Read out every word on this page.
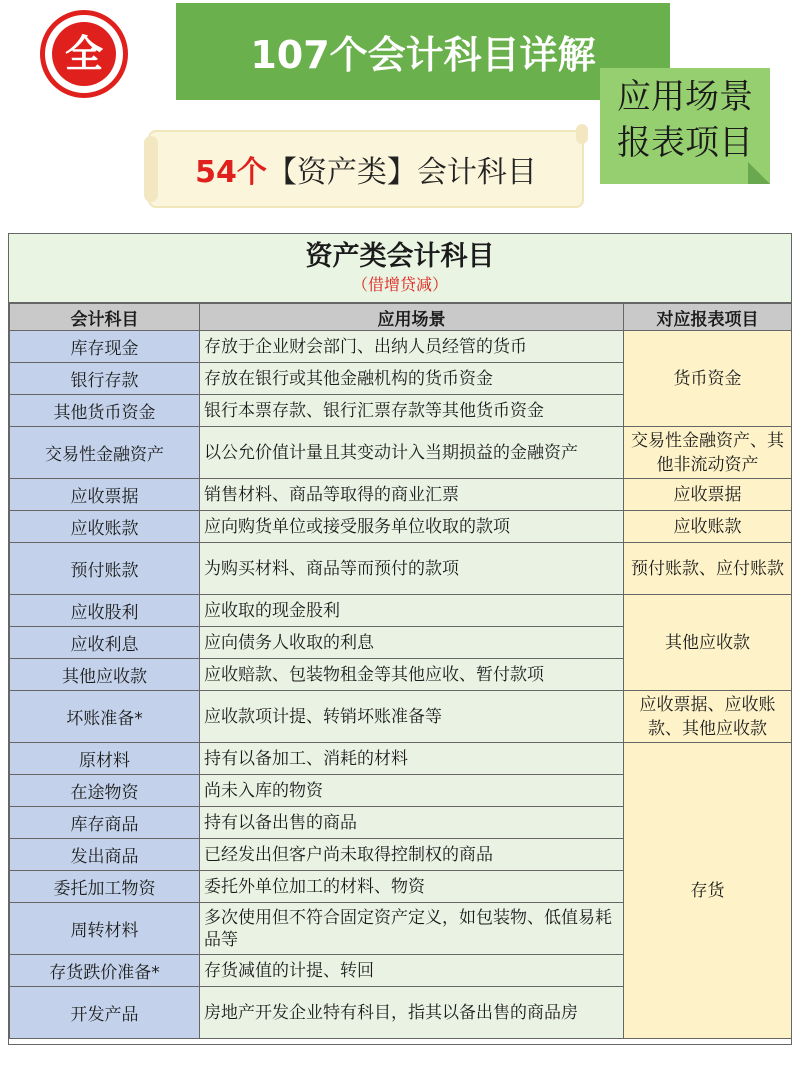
全	107个会计科目详解
54个 【资产类】会计科目
应用场景
报表项目
资产类会计科目
（借增贷减）
会计科目	应用场景	对应报表项目
库存现金	存放于企业财会部门、出纳人员经管的货币	货币资金
银行存款	存放在银行或其他金融机构的货币资金	
其他货币资金	银行本票存款、银行汇票存款等其他货币资金	
交易性金融资产	以公允价值计量且其变动计入当期损益的金融资产	交易性金融资产、其他非流动资产
应收票据	销售材料、商品等取得的商业汇票	应收票据
应收账款	应向购货单位或接受服务单位收取的款项	应收账款
预付账款	为购买材料、商品等而预付的款项	预付账款、应付账款
应收股利	应收取的现金股利	其他应收款
应收利息	应向债务人收取的利息	
其他应收款	应收赔款、包装物租金等其他应收、暂付款项	
坏账准备*	应收款项计提、转销坏账准备等	应收票据、应收账款、其他应收款
原材料	持有以备加工、消耗的材料	存货
在途物资	尚未入库的物资	
库存商品	持有以备出售的商品	
发出商品	已经发出但客户尚未取得控制权的商品	
委托加工物资	委托外单位加工的材料、物资	
周转材料	多次使用但不符合固定资产定义，如包装物、低值易耗品等	
存货跌价准备*	存货减值的计提、转回	
开发产品	房地产开发企业特有科目，指其以备出售的商品房	
